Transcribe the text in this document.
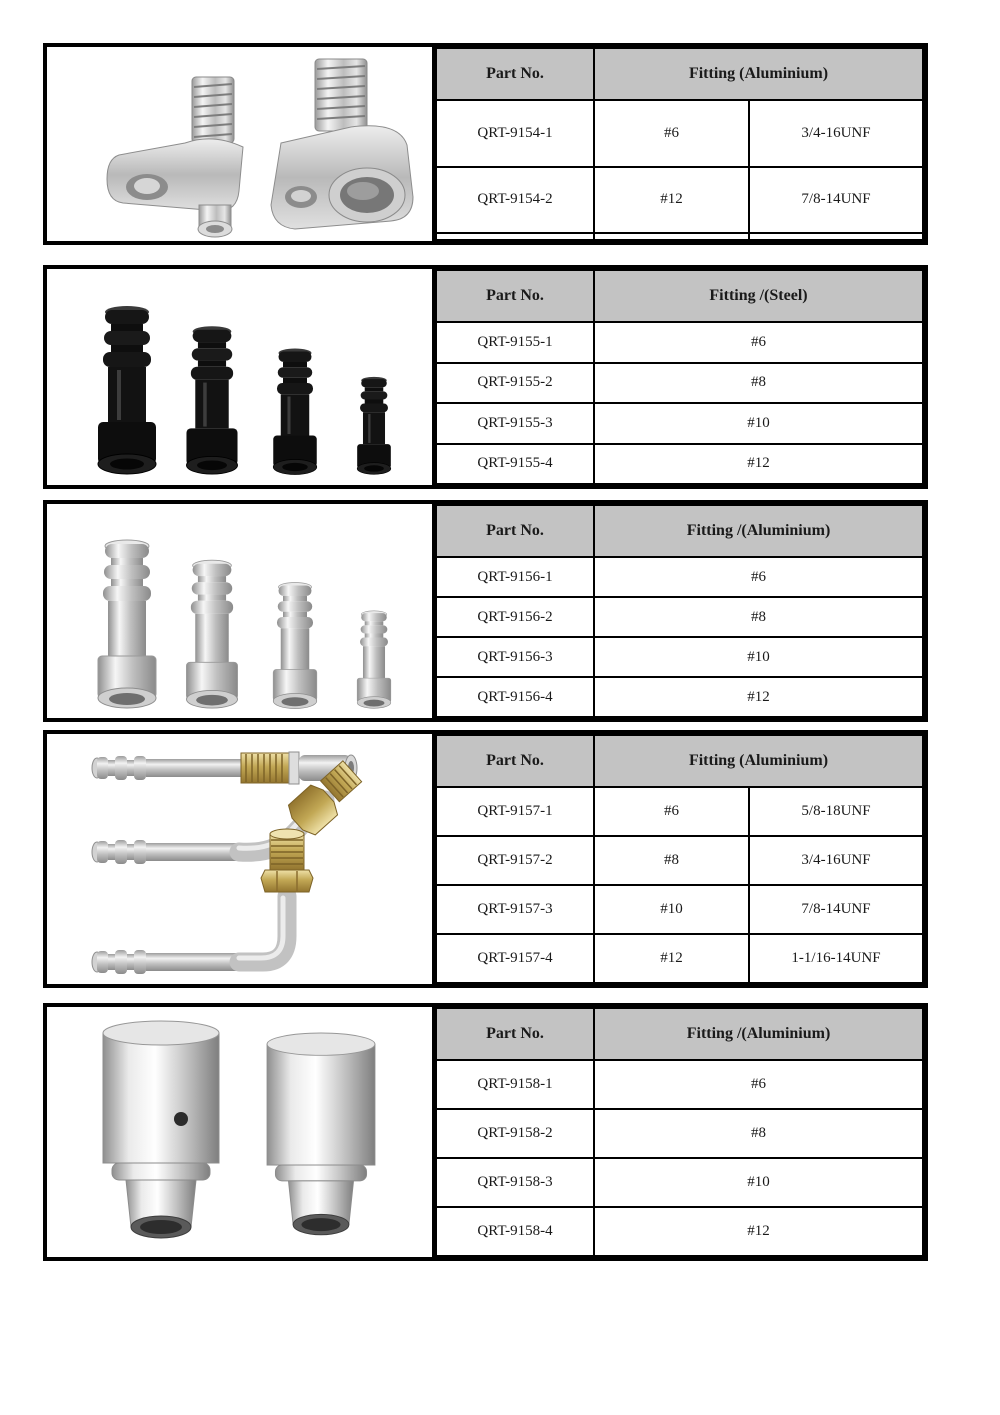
Part No.	Fitting (Aluminium)	
QRT-9154-1	#6	3/4-16UNF
QRT-9154-2	#12	7/8-14UNF

Part No.	Fitting /(Steel)
QRT-9155-1	#6
QRT-9155-2	#8
QRT-9155-3	#10
QRT-9155-4	#12
Part No.	Fitting /(Aluminium)
QRT-9156-1	#6
QRT-9156-2	#8
QRT-9156-3	#10
QRT-9156-4	#12
Part No.	Fitting (Aluminium)	
QRT-9157-1	#6	5/8-18UNF
QRT-9157-2	#8	3/4-16UNF
QRT-9157-3	#10	7/8-14UNF
QRT-9157-4	#12	1-1/16-14UNF
Part No.	Fitting /(Aluminium)
QRT-9158-1	#6
QRT-9158-2	#8
QRT-9158-3	#10
QRT-9158-4	#12
